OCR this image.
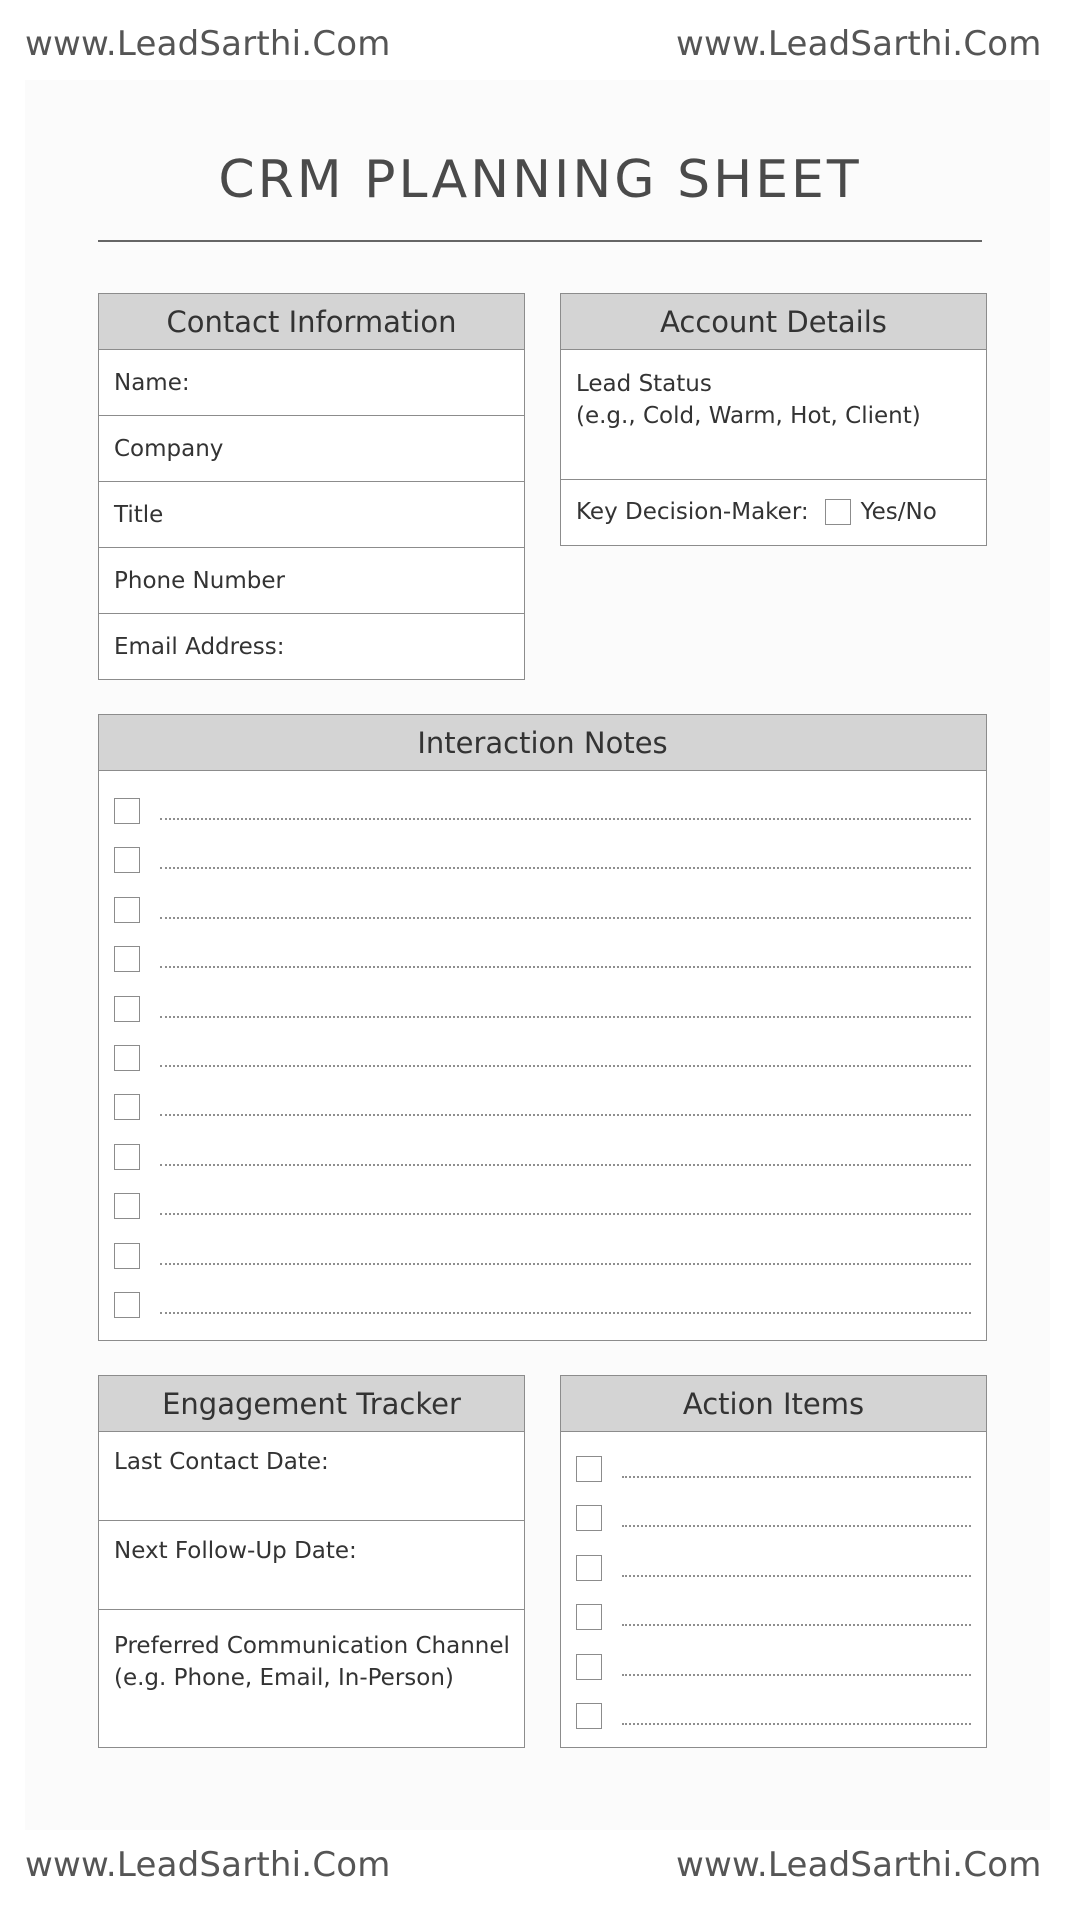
www.LeadSarthi.Com	www.LeadSarthi.Com
CRM PLANNING SHEET
Contact Information
Name:
Company
Title
Phone Number
Email Address:
Account Details
Lead Status
(e.g., Cold, Warm, Hot, Client)
Key Decision-Maker: Yes/No
Interaction Notes
Engagement Tracker
Last Contact Date:
Next Follow-Up Date:
Preferred Communication Channel
(e.g. Phone, Email, In-Person)
Action Items
www.LeadSarthi.Com	www.LeadSarthi.Com
